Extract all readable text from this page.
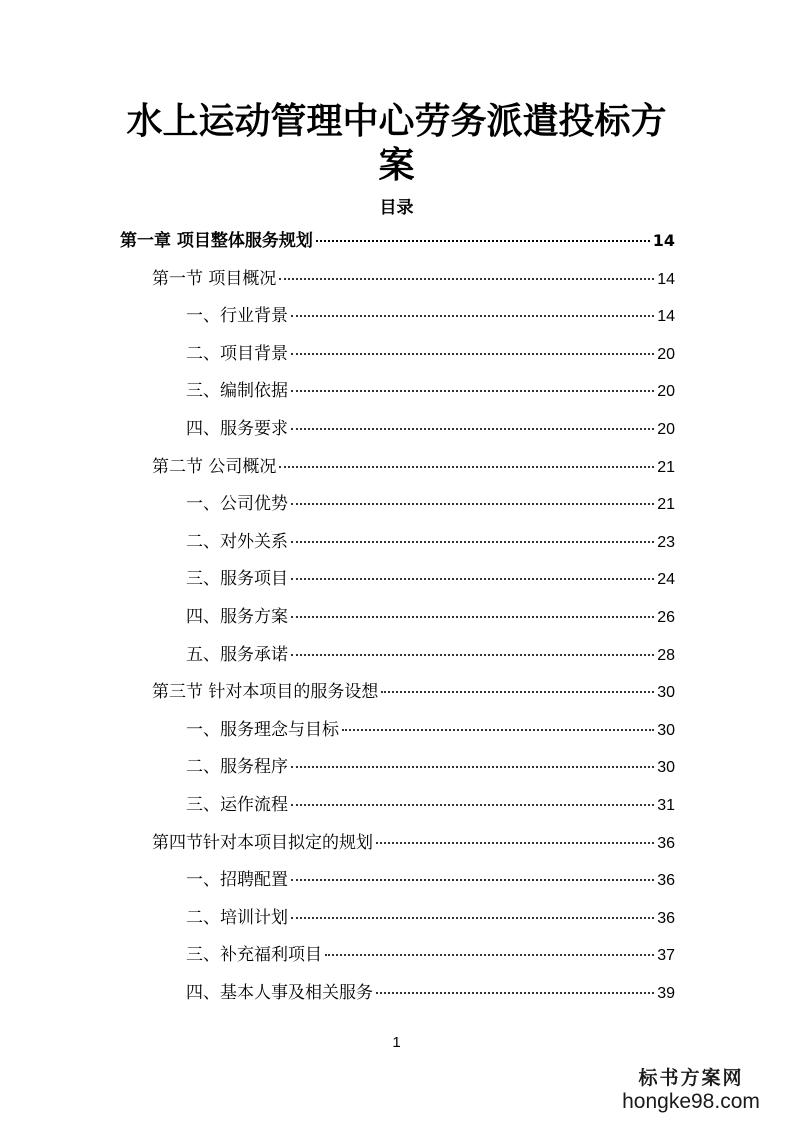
水上运动管理中心劳务派遣投标方案
目录
第一章 项目整体服务规划	14
第一节 项目概况	14
一、行业背景	14
二、项目背景	20
三、编制依据	20
四、服务要求	20
第二节 公司概况	21
一、公司优势	21
二、对外关系	23
三、服务项目	24
四、服务方案	26
五、服务承诺	28
第三节 针对本项目的服务设想	30
一、服务理念与目标	30
二、服务程序	30
三、运作流程	31
第四节针对本项目拟定的规划	36
一、招聘配置	36
二、培训计划	36
三、补充福利项目	37
四、基本人事及相关服务	39
1
标书方案网
hongke98.com
